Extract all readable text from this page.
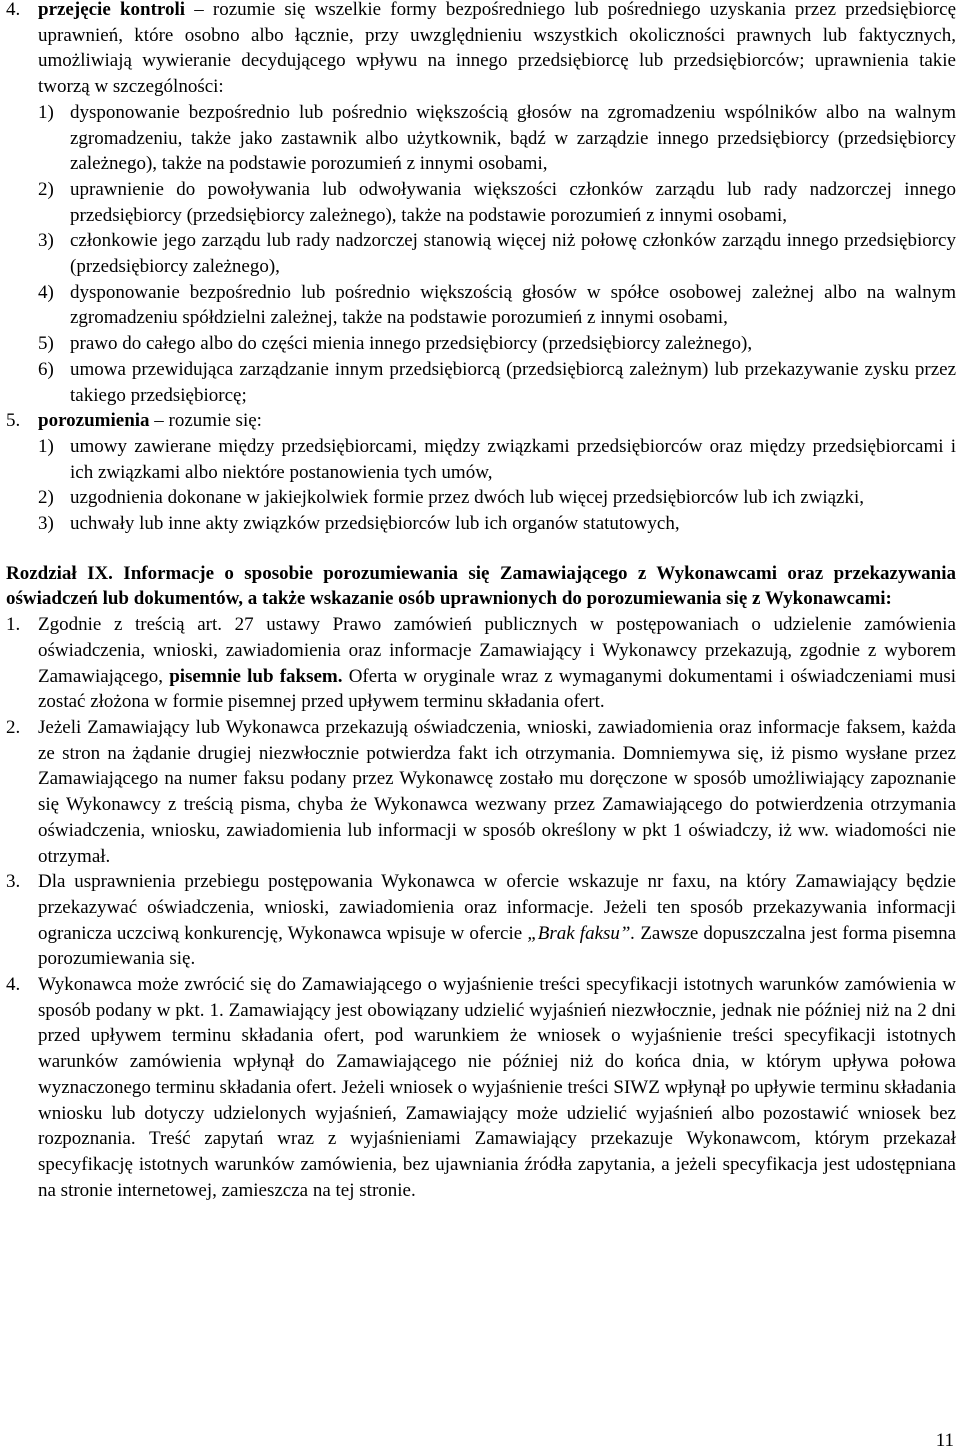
4. przejęcie kontroli – rozumie się wszelkie formy bezpośredniego lub pośredniego uzyskania przez przedsiębiorcę uprawnień, które osobno albo łącznie, przy uwzględnieniu wszystkich okoliczności prawnych lub faktycznych, umożliwiają wywieranie decydującego wpływu na innego przedsiębiorcę lub przedsiębiorców; uprawnienia takie tworzą w szczególności:
1) dysponowanie bezpośrednio lub pośrednio większością głosów na zgromadzeniu wspólników albo na walnym zgromadzeniu, także jako zastawnik albo użytkownik, bądź w zarządzie innego przedsiębiorcy (przedsiębiorcy zależnego), także na podstawie porozumień z innymi osobami,
2) uprawnienie do powoływania lub odwoływania większości członków zarządu lub rady nadzorczej innego przedsiębiorcy (przedsiębiorcy zależnego), także na podstawie porozumień z innymi osobami,
3) członkowie jego zarządu lub rady nadzorczej stanowią więcej niż połowę członków zarządu innego przedsiębiorcy (przedsiębiorcy zależnego),
4) dysponowanie bezpośrednio lub pośrednio większością głosów w spółce osobowej zależnej albo na walnym zgromadzeniu spółdzielni zależnej, także na podstawie porozumień z innymi osobami,
5) prawo do całego albo do części mienia innego przedsiębiorcy (przedsiębiorcy zależnego),
6) umowa przewidująca zarządzanie innym przedsiębiorcą (przedsiębiorcą zależnym) lub przekazywanie zysku przez takiego przedsiębiorcę;
5. porozumienia – rozumie się:
1) umowy zawierane między przedsiębiorcami, między związkami przedsiębiorców oraz między przedsiębiorcami i ich związkami albo niektóre postanowienia tych umów,
2) uzgodnienia dokonane w jakiejkolwiek formie przez dwóch lub więcej przedsiębiorców lub ich związki,
3) uchwały lub inne akty związków przedsiębiorców lub ich organów statutowych,
Rozdział IX. Informacje o sposobie porozumiewania się Zamawiającego z Wykonawcami oraz przekazywania oświadczeń lub dokumentów, a także wskazanie osób uprawnionych do porozumiewania się z Wykonawcami:
1. Zgodnie z treścią art. 27 ustawy Prawo zamówień publicznych w postępowaniach o udzielenie zamówienia oświadczenia, wnioski, zawiadomienia oraz informacje Zamawiający i Wykonawcy przekazują, zgodnie z wyborem Zamawiającego, pisemnie lub faksem. Oferta w oryginale wraz z wymaganymi dokumentami i oświadczeniami musi zostać złożona w formie pisemnej przed upływem terminu składania ofert.
2. Jeżeli Zamawiający lub Wykonawca przekazują oświadczenia, wnioski, zawiadomienia oraz informacje faksem, każda ze stron na żądanie drugiej niezwłocznie potwierdza fakt ich otrzymania. Domniemywa się, iż pismo wysłane przez Zamawiającego na numer faksu podany przez Wykonawcę zostało mu doręczone w sposób umożliwiający zapoznanie się Wykonawcy z treścią pisma, chyba że Wykonawca wezwany przez Zamawiającego do potwierdzenia otrzymania oświadczenia, wniosku, zawiadomienia lub informacji w sposób określony w pkt 1 oświadczy, iż ww. wiadomości nie otrzymał.
3. Dla usprawnienia przebiegu postępowania Wykonawca w ofercie wskazuje nr faxu, na który Zamawiający będzie przekazywać oświadczenia, wnioski, zawiadomienia oraz informacje. Jeżeli ten sposób przekazywania informacji ogranicza uczciwą konkurencję, Wykonawca wpisuje w ofercie „Brak faksu”. Zawsze dopuszczalna jest forma pisemna porozumiewania się.
4. Wykonawca może zwrócić się do Zamawiającego o wyjaśnienie treści specyfikacji istotnych warunków zamówienia w sposób podany w pkt. 1. Zamawiający jest obowiązany udzielić wyjaśnień niezwłocznie, jednak nie później niż na 2 dni przed upływem terminu składania ofert, pod warunkiem że wniosek o wyjaśnienie treści specyfikacji istotnych warunków zamówienia wpłynął do Zamawiającego nie później niż do końca dnia, w którym upływa połowa wyznaczonego terminu składania ofert. Jeżeli wniosek o wyjaśnienie treści SIWZ wpłynął po upływie terminu składania wniosku lub dotyczy udzielonych wyjaśnień, Zamawiający może udzielić wyjaśnień albo pozostawić wniosek bez rozpoznania. Treść zapytań wraz z wyjaśnieniami Zamawiający przekazuje Wykonawcom, którym przekazał specyfikację istotnych warunków zamówienia, bez ujawniania źródła zapytania, a jeżeli specyfikacja jest udostępniana na stronie internetowej, zamieszcza na tej stronie.
11
